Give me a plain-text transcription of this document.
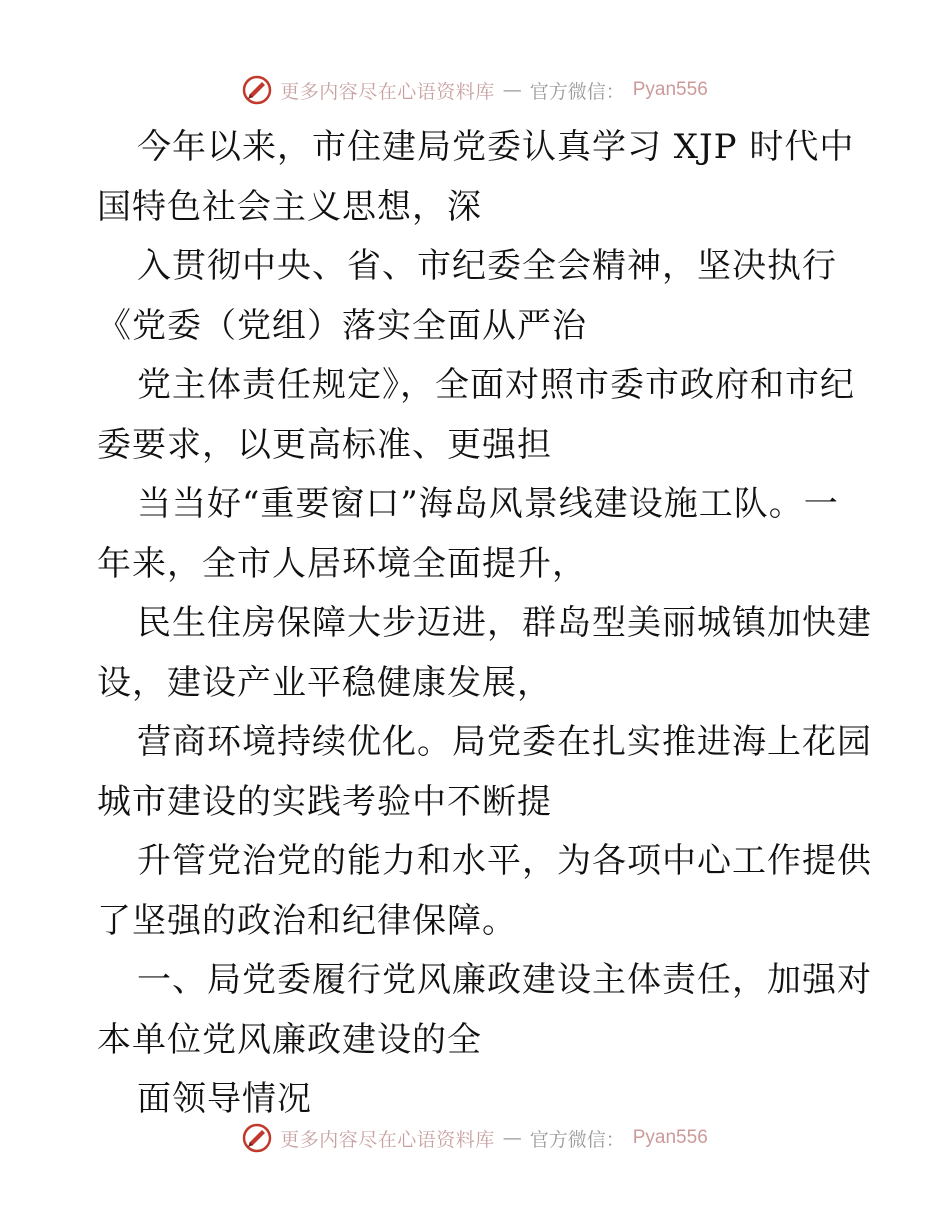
更多内容尽在心语资料库 — 官方微信： Pyan556
今年以来，市住建局党委认真学习 XJP 时代中
国特色社会主义思想，深
入贯彻中央、省、市纪委全会精神，坚决执行
《党委（党组）落实全面从严治
党主体责任规定》，全面对照市委市政府和市纪
委要求，以更高标准、更强担
当当好“重要窗口”海岛风景线建设施工队。一
年来，全市人居环境全面提升，
民生住房保障大步迈进，群岛型美丽城镇加快建
设，建设产业平稳健康发展，
营商环境持续优化。局党委在扎实推进海上花园
城市建设的实践考验中不断提
升管党治党的能力和水平，为各项中心工作提供
了坚强的政治和纪律保障。
一、局党委履行党风廉政建设主体责任，加强对
本单位党风廉政建设的全
面领导情况
更多内容尽在心语资料库 — 官方微信： Pyan556
